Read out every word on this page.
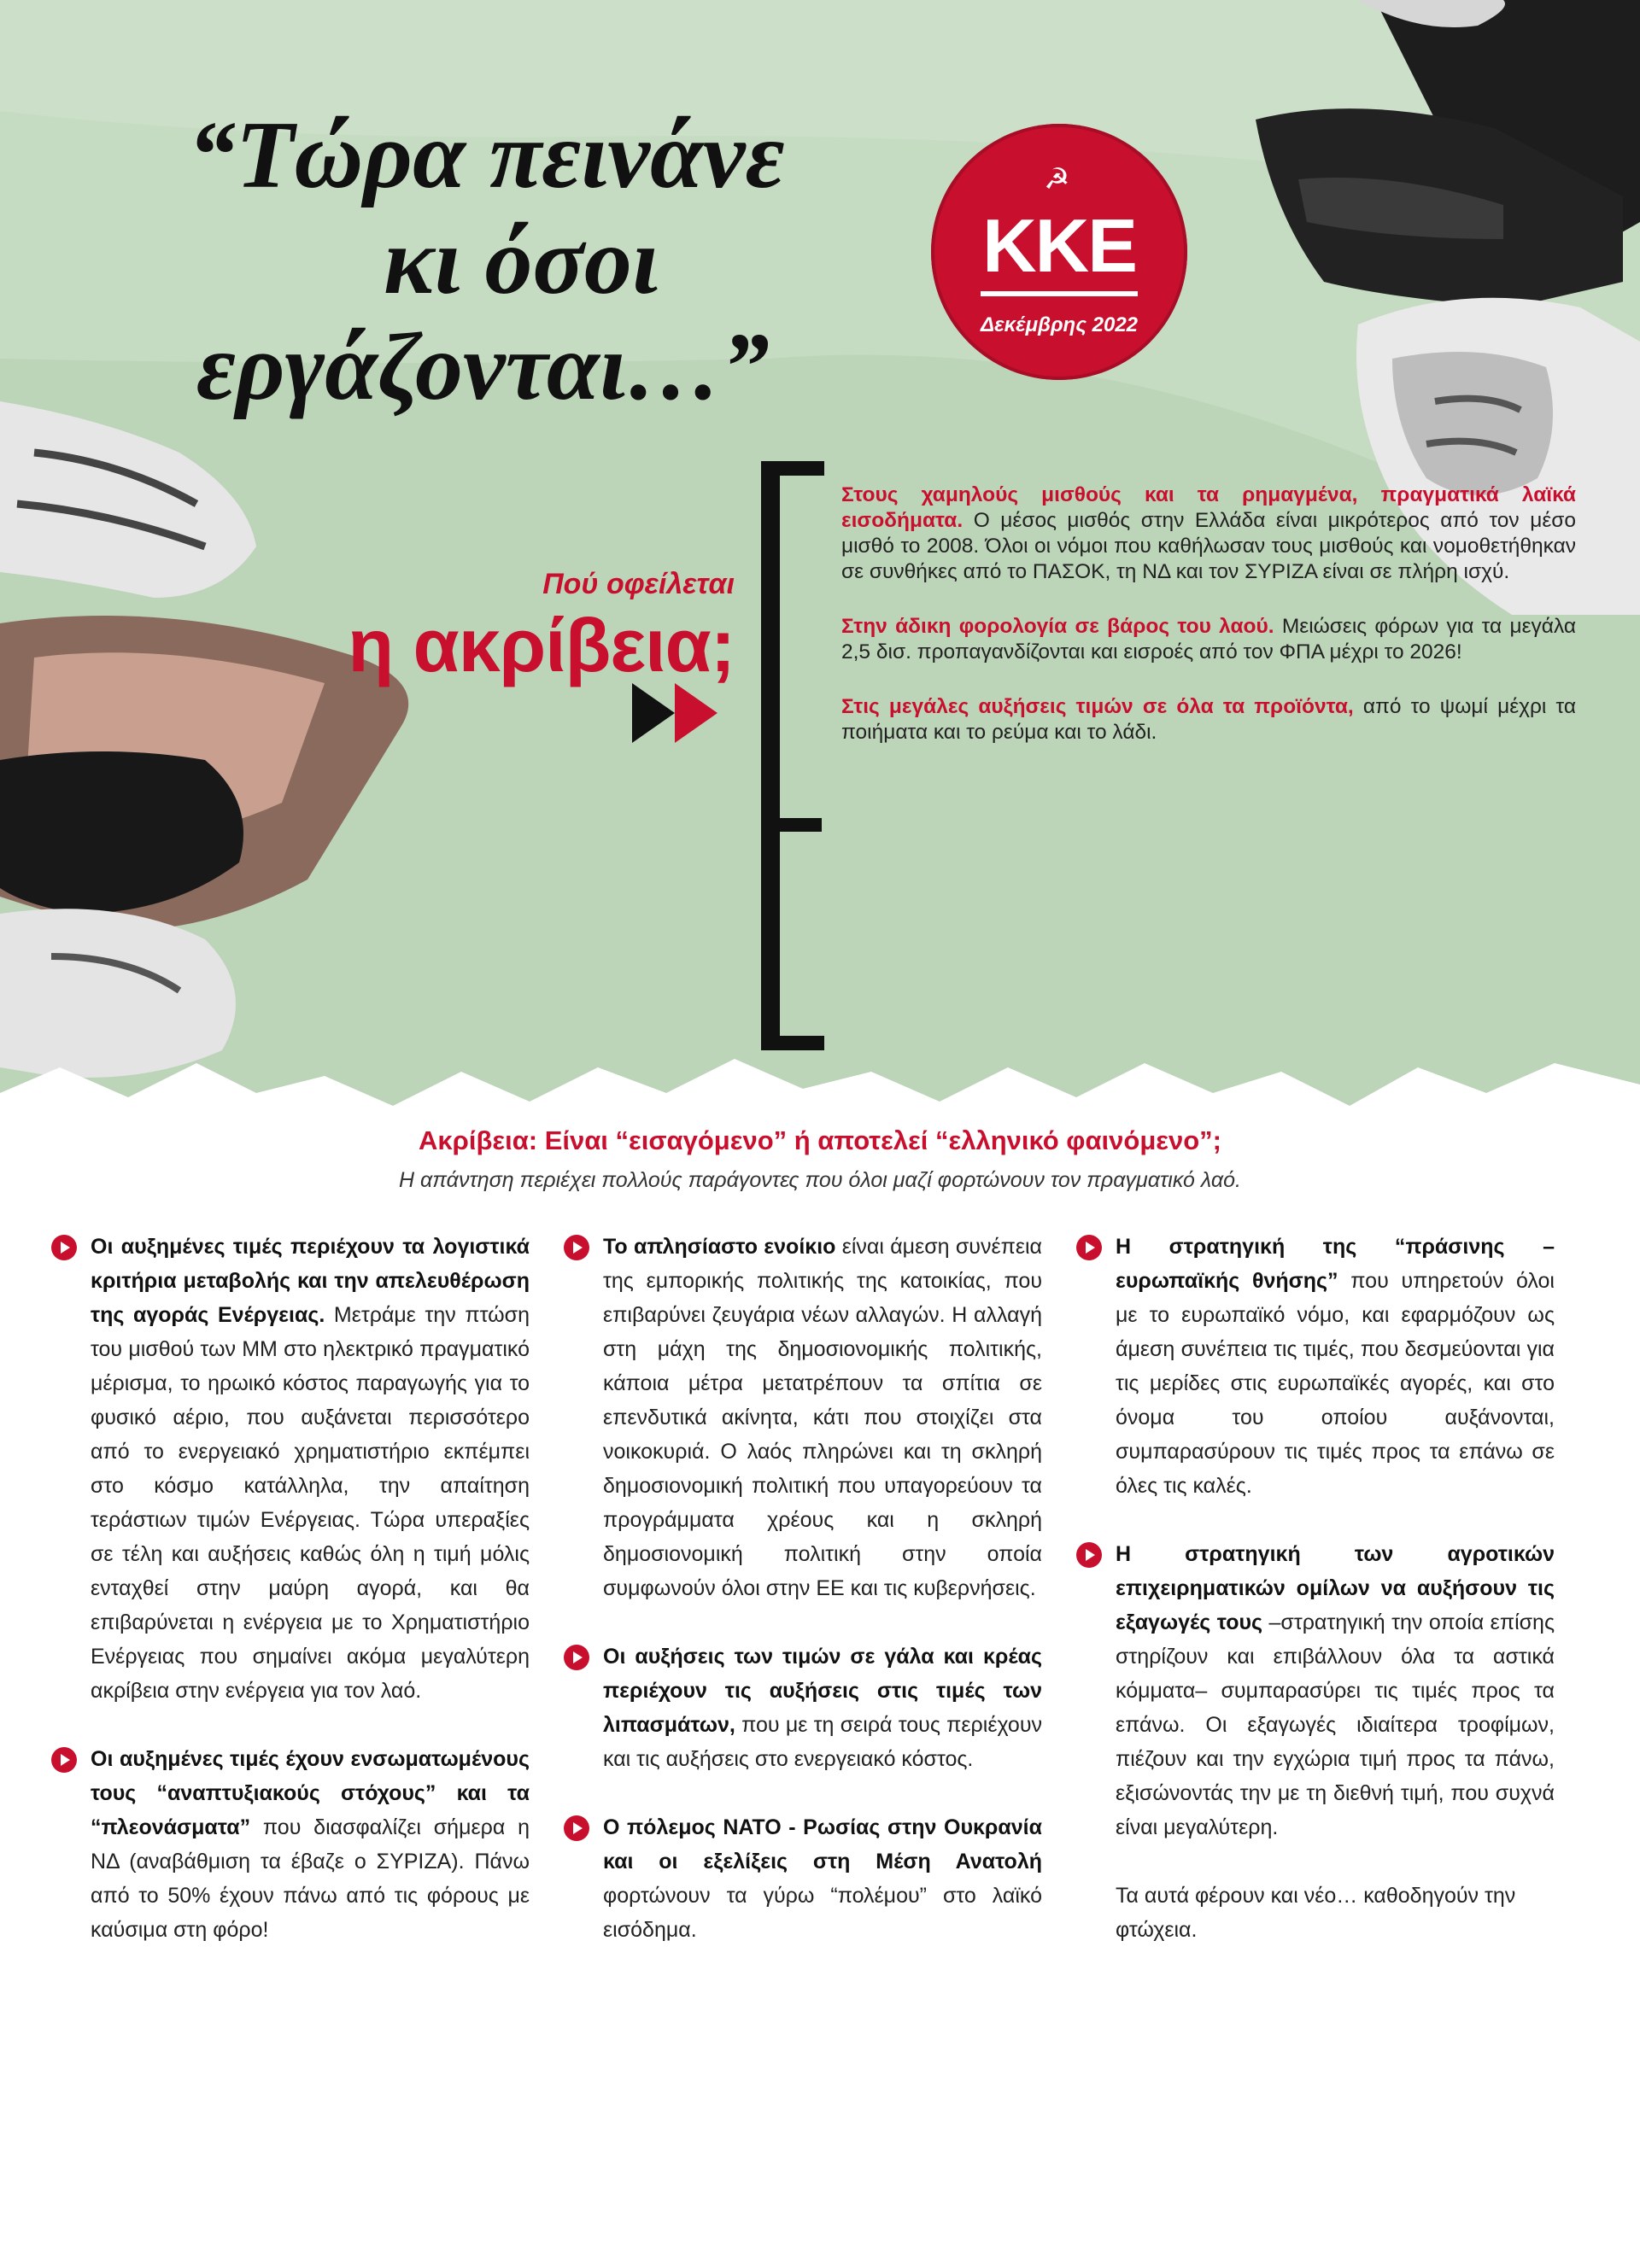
“Τώρα πεινάνε
κι όσοι
εργάζονται…”
☭
ΚΚΕ
Δεκέμβρης 2022
Πού οφείλεται
η ακρίβεια;

Στους χαμηλούς μισθούς και τα ρημαγμένα, πραγματικά λαϊκά εισοδήματα. Ο μέσος μισθός στην Ελλάδα είναι μικρότερος από τον μέσο μισθό το 2008. Όλοι οι νόμοι που καθήλωσαν τους μισθούς και νομοθετήθηκαν σε συνθήκες από το ΠΑΣΟΚ, τη ΝΔ και τον ΣΥΡΙΖΑ είναι σε πλήρη ισχύ.

Στην άδικη φορολογία σε βάρος του λαού. Μειώσεις φόρων για τα μεγάλα 2,5 δισ. προπαγανδίζονται και εισροές από τον ΦΠΑ μέχρι το 2026!

Στις μεγάλες αυξήσεις τιμών σε όλα τα προϊόντα, από το ψωμί μέχρι τα ποιήματα και το ρεύμα και το λάδι.

Ακρίβεια: Είναι “εισαγόμενο” ή αποτελεί “ελληνικό φαινόμενο”;
Η απάντηση περιέχει πολλούς παράγοντες που όλοι μαζί φορτώνουν τον πραγματικό λαό.
Οι αυξημένες τιμές περιέχουν τα λογιστικά κριτήρια μεταβολής και την απελευθέρωση της αγοράς Ενέργειας. Μετράμε την πτώση του μισθού των ΜΜ στο ηλεκτρικό πραγματικό μέρισμα, το ηρωικό κόστος παραγωγής για το φυσικό αέριο, που αυξάνεται περισσότερο από το ενεργειακό χρηματιστήριο εκπέμπει στο κόσμο κατάλληλα, την απαίτηση τεράστιων τιμών Ενέργειας. Τώρα υπεραξίες σε τέλη και αυξήσεις καθώς όλη η τιμή μόλις ενταχθεί στην μαύρη αγορά, και θα επιβαρύνεται η ενέργεια με το Χρηματιστήριο Ενέργειας που σημαίνει ακόμα μεγαλύτερη ακρίβεια στην ενέργεια για τον λαό.
Οι αυξημένες τιμές έχουν ενσωματωμένους τους “αναπτυξιακούς στόχους” και τα “πλεονάσματα” που διασφαλίζει σήμερα η ΝΔ (αναβάθμιση τα έβαζε ο ΣΥΡΙΖΑ). Πάνω από το 50% έχουν πάνω από τις φόρους με καύσιμα στη φόρο!
Το απλησίαστο ενοίκιο είναι άμεση συνέπεια της εμπορικής πολιτικής της κατοικίας, που επιβαρύνει ζευγάρια νέων αλλαγών. Η αλλαγή στη μάχη της δημοσιονομικής πολιτικής, κάποια μέτρα μετατρέπουν τα σπίτια σε επενδυτικά ακίνητα, κάτι που στοιχίζει στα νοικοκυριά. Ο λαός πληρώνει και τη σκληρή δημοσιονομική πολιτική που υπαγορεύουν τα προγράμματα χρέους και η σκληρή δημοσιονομική πολιτική στην οποία συμφωνούν όλοι στην ΕΕ και τις κυβερνήσεις.
Οι αυξήσεις των τιμών σε γάλα και κρέας περιέχουν τις αυξήσεις στις τιμές των λιπασμάτων, που με τη σειρά τους περιέχουν και τις αυξήσεις στο ενεργειακό κόστος.
Ο πόλεμος ΝΑΤΟ - Ρωσίας στην Ουκρανία και οι εξελίξεις στη Μέση Ανατολή φορτώνουν τα γύρω “πολέμου” στο λαϊκό εισόδημα.
Η στρατηγική της “πράσινης – ευρωπαϊκής θνήσης” που υπηρετούν όλοι με το ευρωπαϊκό νόμο, και εφαρμόζουν ως άμεση συνέπεια τις τιμές, που δεσμεύονται για τις μερίδες στις ευρωπαϊκές αγορές, και στο όνομα του οποίου αυξάνονται, συμπαρασύρουν τις τιμές προς τα επάνω σε όλες τις καλές.
Η στρατηγική των αγροτικών επιχειρηματικών ομίλων να αυξήσουν τις εξαγωγές τους –στρατηγική την οποία επίσης στηρίζουν και επιβάλλουν όλα τα αστικά κόμματα– συμπαρασύρει τις τιμές προς τα επάνω. Οι εξαγωγές ιδιαίτερα τροφίμων, πιέζουν και την εγχώρια τιμή προς τα πάνω, εξισώνοντάς την με τη διεθνή τιμή, που συχνά είναι μεγαλύτερη.
Τα αυτά φέρουν και νέο… καθοδηγούν την φτώχεια.
